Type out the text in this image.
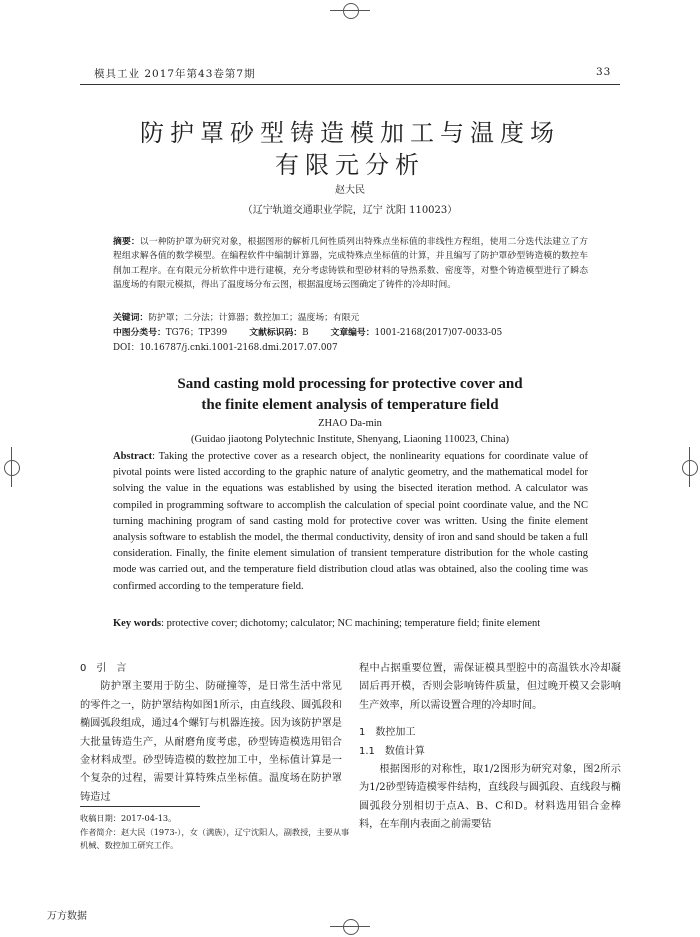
模具工业 2017年第43卷第7期	33
防护罩砂型铸造模加工与温度场
有限元分析
赵大民
（辽宁轨道交通职业学院，辽宁 沈阳 110023）
摘要：以一种防护罩为研究对象，根据图形的解析几何性质列出特殊点坐标值的非线性方程组，使用二分迭代法建立了方程组求解各值的数学模型。在编程软件中编制计算器，完成特殊点坐标值的计算，并且编写了防护罩砂型铸造模的数控车削加工程序。在有限元分析软件中进行建模，充分考虑铸铁和型砂材料的导热系数、密度等，对整个铸造模型进行了瞬态温度场的有限元模拟，得出了温度场分布云图，根据温度场云图确定了铸件的冷却时间。
关键词：防护罩；二分法；计算器；数控加工；温度场；有限元
中图分类号：TG76；TP399	文献标识码：B	文章编号：1001-2168(2017)07-0033-05
DOI：10.16787/j.cnki.1001-2168.dmi.2017.07.007
Sand casting mold processing for protective cover and
the finite element analysis of temperature field
ZHAO Da-min
(Guidao jiaotong Polytechnic Institute, Shenyang, Liaoning 110023, China)
Abstract: Taking the protective cover as a research object, the nonlinearity equations for coordinate value of pivotal points were listed according to the graphic nature of analytic geometry, and the mathematical model for solving the value in the equations was established by using the bisected iteration method. A calculator was compiled in programming software to accomplish the calculation of special point coordinate value, and the NC turning machining program of sand casting mold for protective cover was written. Using the finite element analysis software to establish the model, the thermal conductivity, density of iron and sand should be taken a full consideration. Finally, the finite element simulation of transient temperature distribution for the whole casting mode was carried out, and the temperature field distribution cloud atlas was obtained, also the cooling time was confirmed according to the temperature field.
Key words: protective cover; dichotomy; calculator; NC machining; temperature field; finite element
0　引　言

防护罩主要用于防尘、防碰撞等，是日常生活中常见的零件之一，防护罩结构如图1所示，由直线段、圆弧段和椭圆弧段组成，通过4个螺钉与机器连接。因为该防护罩是大批量铸造生产，从耐磨角度考虑，砂型铸造模选用铝合金材料成型。砂型铸造模的数控加工中，坐标值计算是一个复杂的过程，需要计算特殊点坐标值。温度场在防护罩铸造过

收稿日期：2017-04-13。
作者简介：赵大民（1973-），女（满族），辽宁沈阳人，副教授，主要从事机械、数控加工研究工作。
程中占据重要位置，需保证模具型腔中的高温铁水冷却凝固后再开模，否则会影响铸件质量，但过晚开模又会影响生产效率，所以需设置合理的冷却时间。
1　数控加工
1.1　数值计算

根据图形的对称性，取1/2图形为研究对象，图2所示为1/2砂型铸造模零件结构，直线段与圆弧段、直线段与椭圆弧段分别相切于点A、B、C和D。材料选用铝合金棒料，在车削内表面之前需要钻

万方数据
